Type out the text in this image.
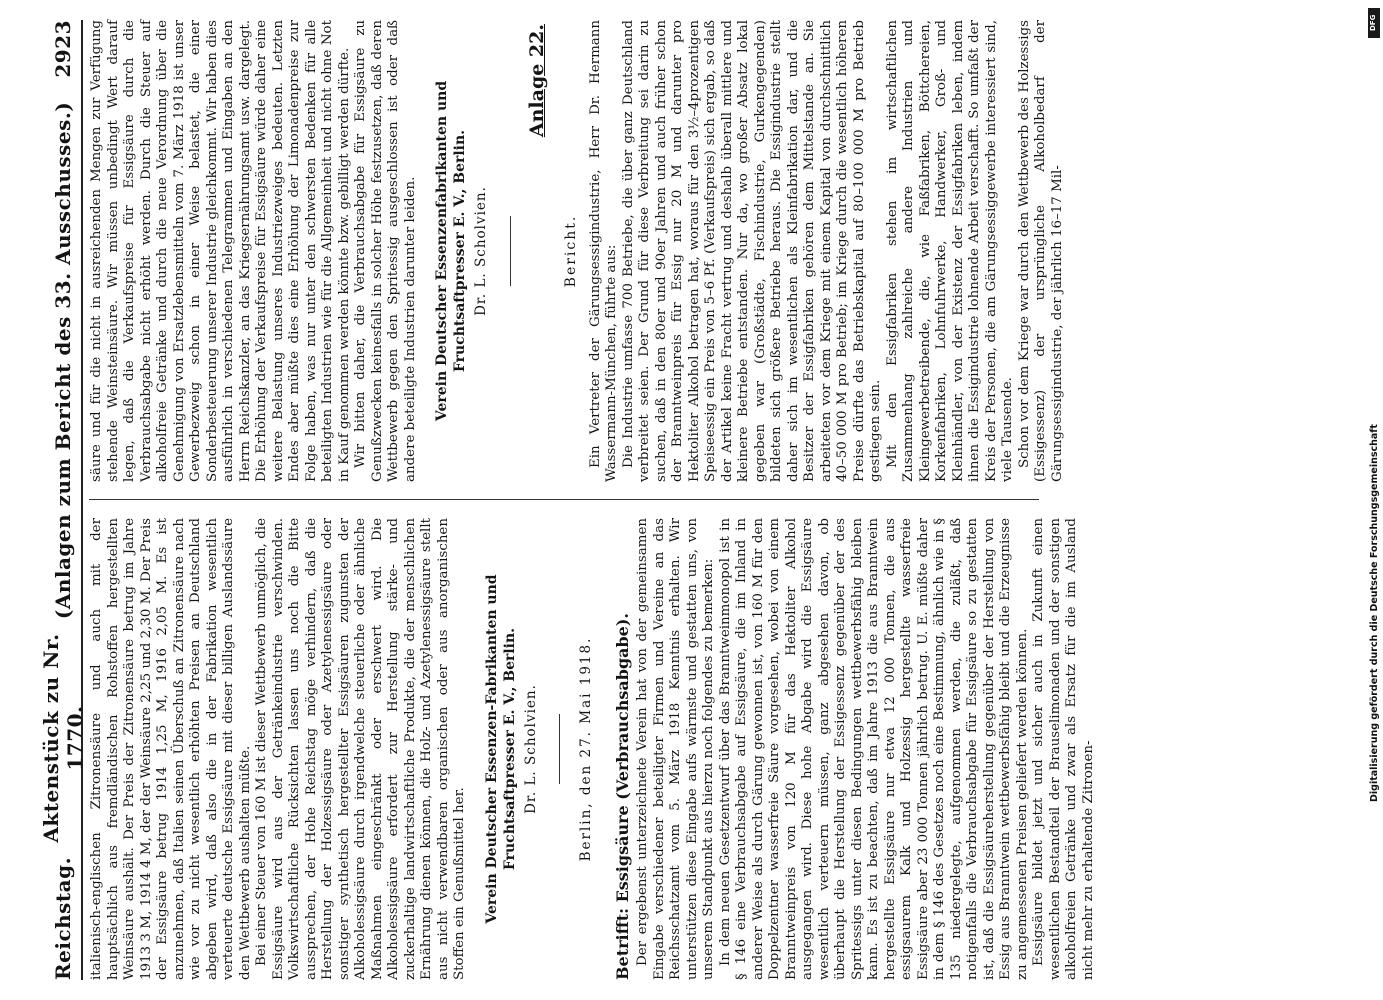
Reichstag.
Aktenstück zu Nr. 1770.
(Anlagen zum Bericht des 33. Ausschusses.)
2923

italienisch-englischen Zitronensäure und auch mit der hauptsächlich aus fremdländischen Rohstoffen hergestellten Weinsäure aushält. Der Preis der Zitronensäure betrug im Jahre 1913 3 M, 1914 4 M, der der Weinsäure 2,25 und 2,30 M. Der Preis der Essigsäure betrug 1914 1,25 M, 1916 2,05 M. Es ist anzunehmen, daß Italien seinen Überschuß an Zitronensäure nach wie vor zu nicht wesentlich erhöhten Preisen an Deutschland abgeben wird, daß also die in der Fabrikation wesentlich verteuerte deutsche Essigsäure mit dieser billigen Auslandssäure den Wettbewerb aushalten müßte. Bei einer Steuer von 160 M ist dieser Wettbewerb unmöglich, die Essigsäure wird aus der Getränkeindustrie verschwinden. Volkswirtschaftliche Rücksichten lassen uns noch die Bitte aussprechen, der Hohe Reichstag möge verhindern, daß die Herstellung der Holzessigsäure oder Azetylenessigsäure oder sonstiger synthetisch hergestellter Essigsäuren zugunsten der Alkoholessigsäure durch irgendwelche steuerliche oder ähnliche Maßnahmen eingeschränkt oder erschwert wird. Die Alkoholessigsäure erfordert zur Herstellung stärke- und zuckerhaltige landwirtschaftliche Produkte, die der menschlichen Ernährung dienen können, die Holz- und Azetylenessigsäure stellt aus nicht verwendbaren organischen oder aus anorganischen Stoffen ein Genußmittel her. Verein Deutscher Essenzen-Fabrikanten und Fruchtsaftpresser E. V., Berlin. Dr. L. Scholvien.	Berlin, den 27. Mai 1918. Betrifft: Essigsäure (Verbrauchsabgabe). Der ergebenst unterzeichnete Verein hat von der gemeinsamen Eingabe verschiedener beteiligter Firmen und Vereine an das Reichsschatzamt vom 5. März 1918 Kenntnis erhalten. Wir unterstützen diese Eingabe aufs wärmste und gestatten uns, von unserem Standpunkt aus hierzu noch folgendes zu bemerken: In dem neuen Gesetzentwurf über das Branntweinmonopol ist in § 146 eine Verbrauchsabgabe auf Essigsäure, die im Inland in anderer Weise als durch Gärung gewonnen ist, von 160 M für den Doppelzentner wasserfreie Säure vorgesehen, wobei von einem Branntweinpreis von 120 M für das Hektoliter Alkohol ausgegangen wird. Diese hohe Abgabe wird die Essigsäure wesentlich verteuern müssen, ganz abgesehen davon, ob überhaupt die Herstellung der Essigessenz gegenüber der des Spritessigs unter diesen Bedingungen wettbewerbsfähig bleiben kann. Es ist zu beachten, daß im Jahre 1913 die aus Branntwein hergestellte Essigsäure nur etwa 12 000 Tonnen, die aus essigsaurem Kalk und Holzessig hergestellte wasserfreie Essigsäure aber 23 000 Tonnen jährlich betrug. U. E. müßte daher in dem § 146 des Gesetzes noch eine Bestimmung, ähnlich wie in § 135 niedergelegte, aufgenommen werden, die zuläßt, daß notigenfalls die Verbrauchsabgabe für Essigsäure so zu gestatten ist, daß die Essigsäureherstellung gegenüber der Herstellung von Essig aus Branntwein wettbewerbsfähig bleibt und die Erzeugnisse zu angemessenen Preisen geliefert werden können. Essigsäure bildet jetzt und sicher auch in Zukunft einen wesentlichen Bestandteil der Brauselimonaden und der sonstigen alkoholfreien Getränke und zwar als Ersatz für die im Ausland nicht mehr zu erhaltende Zitronen-

säure und für die nicht in ausreichenden Mengen zur Verfügung stehende Weinsteinsäure. Wir müssen unbedingt Wert darauf legen, daß die Verkaufspreise für Essigsäure durch die Verbrauchsabgabe nicht erhöht werden. Durch die Steuer auf alkoholfreie Getränke und durch die neue Verordnung über die Genehmigung von Ersatzlebensmitteln vom 7. März 1918 ist unser Gewerbezweig schon in einer Weise belastet, die einer Sonderbesteuerung unserer Industrie gleichkommt. Wir haben dies ausführlich in verschiedenen Telegrammen und Eingaben an den Herrn Reichskanzler, an das Kriegsernährungsamt usw. dargelegt. Die Erhöhung der Verkaufspreise für Essigsäure würde daher eine weitere Belastung unseres Industriezweiges bedeuten. Letzten Endes aber müßte dies eine Erhöhung der Limonadenpreise zur Folge haben, was nur unter den schwersten Bedenken für alle beteiligten Industrien wie für die Allgemeinheit und nicht ohne Not in Kauf genommen werden könnte bzw. gebilligt werden dürfte. Wir bitten daher, die Verbrauchsabgabe für Essigsäure zu Genußzwecken keinesfalls in solcher Höhe festzusetzen, daß deren Wettbewerb gegen den Spritessig ausgeschlossen ist oder daß andere beteiligte Industrien darunter leiden. Verein Deutscher Essenzenfabrikanten und Fruchtsaftpresser E. V., Berlin. Dr. L. Scholvien.
Anlage 22.
Bericht. Ein Vertreter der Gärungsessigindustrie, Herr Dr. Hermann Wassermann-München, führte aus: Die Industrie umfasse 700 Betriebe, die über ganz Deutschland verbreitet seien. Der Grund für diese Verbreitung sei darin zu suchen, daß in den 80er und 90er Jahren und auch früher schon der Branntweinpreis für Essig nur 20 M und darunter pro Hektoliter Alkohol betragen hat, woraus für den 3½–4prozentigen Speiseessig ein Preis von 5–6 Pf. (Verkaufspreis) sich ergab, so daß der Artikel keine Fracht vertrug und deshalb überall mittlere und kleinere Betriebe entstanden. Nur da, wo großer Absatz lokal gegeben war (Großstädte, Fischindustrie, Gurkengegenden) bildeten sich größere Betriebe heraus. Die Essigindustrie stellt daher sich im wesentlichen als Kleinfabrikation dar, und die Besitzer der Essigfabriken gehören dem Mittelstande an. Sie arbeiteten vor dem Kriege mit einem Kapital von durchschnittlich 40–50 000 M pro Betrieb; im Kriege durch die wesentlich höheren Preise dürfte das Betriebskapital auf 80–100 000 M pro Betrieb gestiegen sein. Mit den Essigfabriken stehen im wirtschaftlichen Zusammenhang zahlreiche andere Industrien und Kleingewerbetreibende, die, wie Faßfabriken, Böttchereien, Korkenfabriken, Lohnfuhrwerke, Handwerker, Groß- und Kleinhändler, von der Existenz der Essigfabriken leben, indem ihnen die Essigindustrie lohnende Arbeit verschafft. So umfaßt der Kreis der Personen, die am Gärungsessiggewerbe interessiert sind, viele Tausende. Schon vor dem Kriege war durch den Wettbewerb des Holzessigs (Essigessenz) der ursprüngliche Alkoholbedarf der Gärungsessigindustrie, der jährlich 16–17 Mil-

DFG
Digitalisierung gefördert durch die Deutsche Forschungsgemeinschaft
